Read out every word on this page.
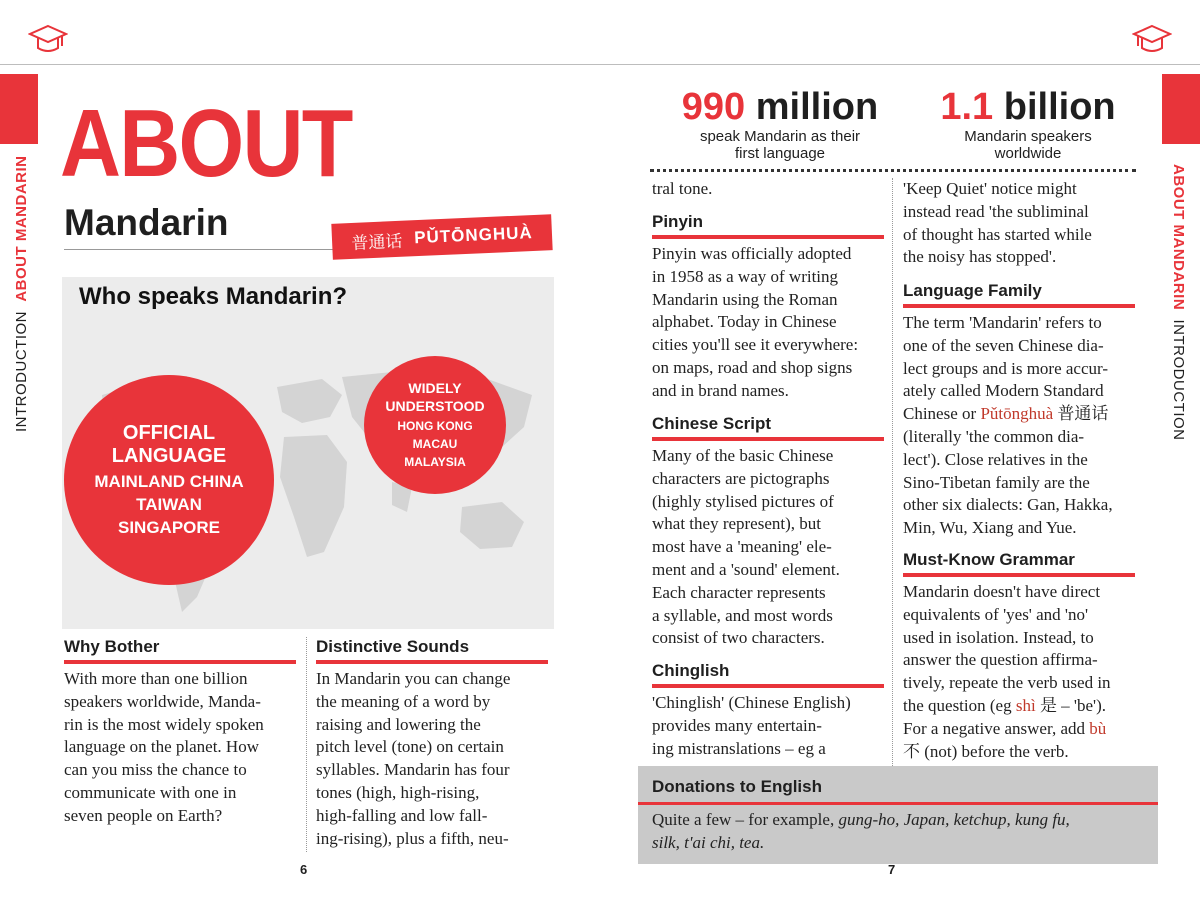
INTRODUCTION  ABOUT MANDARIN
ABOUT
Mandarin	普通话 PǓTŌNGHUÀ
Who speaks Mandarin?
OFFICIAL LANGUAGE
MAINLAND CHINA
TAIWAN
SINGAPORE
WIDELY UNDERSTOOD
HONG KONG
MACAU
MALAYSIA
Why Bother
With more than one billion
speakers worldwide, Manda-
rin is the most widely spoken
language on the planet. How
can you miss the chance to
communicate with one in
seven people on Earth?
Distinctive Sounds
In Mandarin you can change
the meaning of a word by
raising and lowering the
pitch level (tone) on certain
syllables. Mandarin has four
tones (high, high-rising,
high-falling and low fall-
ing-rising), plus a fifth, neu-
6
ABOUT MANDARIN  INTRODUCTION
990 million
speak Mandarin as their
first language
1.1 billion
Mandarin speakers
worldwide
tral tone.
Pinyin
Pinyin was officially adopted
in 1958 as a way of writing
Mandarin using the Roman
alphabet. Today in Chinese
cities you'll see it everywhere:
on maps, road and shop signs
and in brand names.
Chinese Script
Many of the basic Chinese
characters are pictographs
(highly stylised pictures of
what they represent), but
most have a 'meaning' ele-
ment and a 'sound' element.
Each character represents
a syllable, and most words
consist of two characters.
Chinglish
'Chinglish' (Chinese English)
provides many entertain-
ing mistranslations – eg a
'Keep Quiet' notice might
instead read 'the subliminal
of thought has started while
the noisy has stopped'.
Language Family
The term 'Mandarin' refers to
one of the seven Chinese dia-
lect groups and is more accur-
ately called Modern Standard
Chinese or Pǔtōnghuà 普通话
(literally 'the common dia-
lect'). Close relatives in the
Sino-Tibetan family are the
other six dialects: Gan, Hakka,
Min, Wu, Xiang and Yue.
Must-Know Grammar
Mandarin doesn't have direct
equivalents of 'yes' and 'no'
used in isolation. Instead, to
answer the question affirma-
tively, repeate the verb used in
the question (eg shì 是 – 'be').
For a negative answer, add bù
不 (not) before the verb.
Donations to English
Quite a few – for example, gung-ho, Japan, ketchup, kung fu,
silk, t'ai chi, tea.
7
